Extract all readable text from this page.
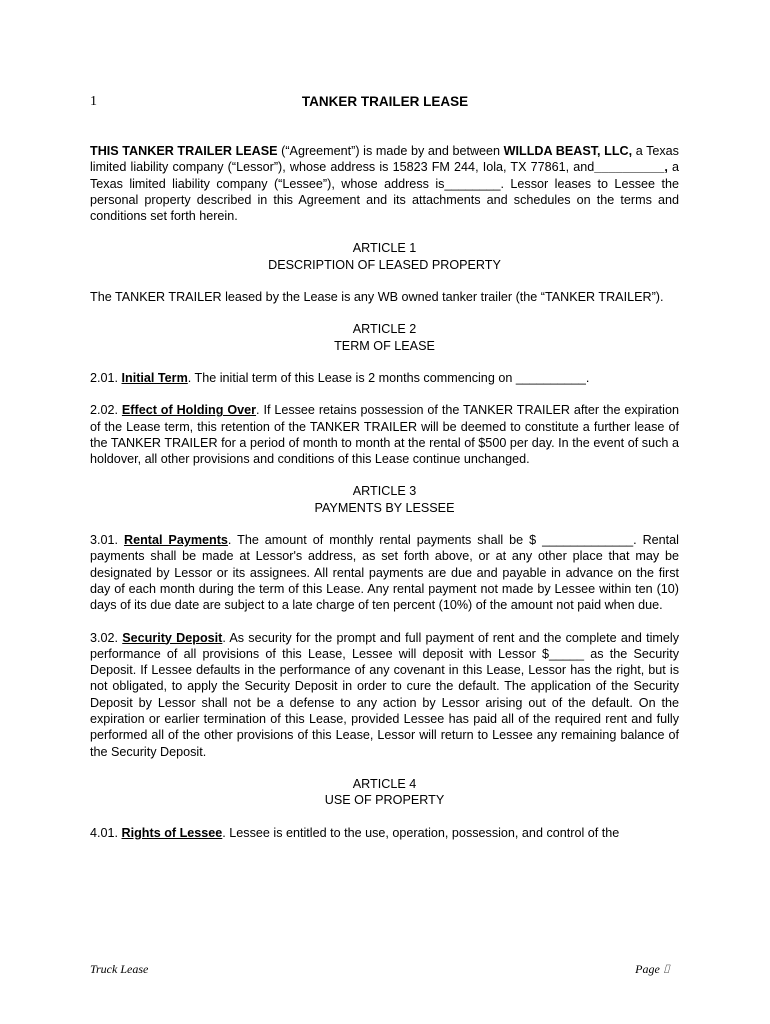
1	TANKER TRAILER LEASE

THIS TANKER TRAILER LEASE (“Agreement”) is made by and between WILLDA BEAST, LLC, a Texas limited liability company (“Lessor”), whose address is 15823 FM 244, Iola, TX 77861, and__________, a Texas limited liability company (“Lessee”), whose address is________. Lessor leases to Lessee the personal property described in this Agreement and its attachments and schedules on the terms and conditions set forth herein.

ARTICLE 1
DESCRIPTION OF LEASED PROPERTY

The TANKER TRAILER leased by the Lease is any WB owned tanker trailer (the “TANKER TRAILER”).

ARTICLE 2
TERM OF LEASE

2.01. Initial Term. The initial term of this Lease is 2 months commencing on __________.

2.02. Effect of Holding Over. If Lessee retains possession of the TANKER TRAILER after the expiration of the Lease term, this retention of the TANKER TRAILER will be deemed to constitute a further lease of the TANKER TRAILER for a period of month to month at the rental of $500 per day. In the event of such a holdover, all other provisions and conditions of this Lease continue unchanged.

ARTICLE 3
PAYMENTS BY LESSEE

3.01. Rental Payments. The amount of monthly rental payments shall be $ _____________. Rental payments shall be made at Lessor's address, as set forth above, or at any other place that may be designated by Lessor or its assignees. All rental payments are due and payable in advance on the first day of each month during the term of this Lease. Any rental payment not made by Lessee within ten (10) days of its due date are subject to a late charge of ten percent (10%) of the amount not paid when due.

3.02. Security Deposit. As security for the prompt and full payment of rent and the complete and timely performance of all provisions of this Lease, Lessee will deposit with Lessor $_____ as the Security Deposit. If Lessee defaults in the performance of any covenant in this Lease, Lessor has the right, but is not obligated, to apply the Security Deposit in order to cure the default. The application of the Security Deposit by Lessor shall not be a defense to any action by Lessor arising out of the default. On the expiration or earlier termination of this Lease, provided Lessee has paid all of the required rent and fully performed all of the other provisions of this Lease, Lessor will return to Lessee any remaining balance of the Security Deposit.

ARTICLE 4
USE OF PROPERTY

4.01. Rights of Lessee. Lessee is entitled to the use, operation, possession, and control of the

Truck Lease	Page ⌷
